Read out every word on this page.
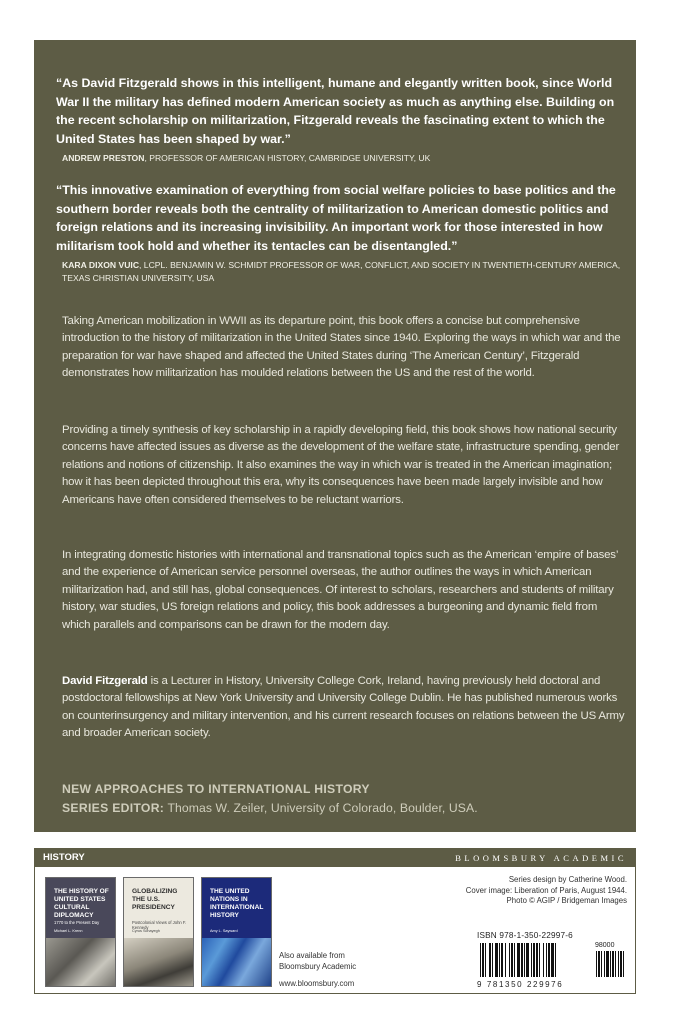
“As David Fitzgerald shows in this intelligent, humane and elegantly written book, since World War II the military has defined modern American society as much as anything else. Building on the recent scholarship on militarization, Fitzgerald reveals the fascinating extent to which the United States has been shaped by war.”
ANDREW PRESTON, PROFESSOR OF AMERICAN HISTORY, CAMBRIDGE UNIVERSITY, UK
“This innovative examination of everything from social welfare policies to base politics and the southern border reveals both the centrality of militarization to American domestic politics and foreign relations and its increasing invisibility. An important work for those interested in how militarism took hold and whether its tentacles can be disentangled.”
KARA DIXON VUIC, LCPL. BENJAMIN W. SCHMIDT PROFESSOR OF WAR, CONFLICT, AND SOCIETY IN TWENTIETH-CENTURY AMERICA, TEXAS CHRISTIAN UNIVERSITY, USA
Taking American mobilization in WWII as its departure point, this book offers a concise but comprehensive introduction to the history of militarization in the United States since 1940. Exploring the ways in which war and the preparation for war have shaped and affected the United States during ‘The American Century’, Fitzgerald demonstrates how militarization has moulded relations between the US and the rest of the world.
Providing a timely synthesis of key scholarship in a rapidly developing field, this book shows how national security concerns have affected issues as diverse as the development of the welfare state, infrastructure spending, gender relations and notions of citizenship. It also examines the way in which war is treated in the American imagination; how it has been depicted throughout this era, why its consequences have been made largely invisible and how Americans have often considered themselves to be reluctant warriors.
In integrating domestic histories with international and transnational topics such as the American ‘empire of bases’ and the experience of American service personnel overseas, the author outlines the ways in which American militarization had, and still has, global consequences. Of interest to scholars, researchers and students of military history, war studies, US foreign relations and policy, this book addresses a burgeoning and dynamic field from which parallels and comparisons can be drawn for the modern day.
David Fitzgerald is a Lecturer in History, University College Cork, Ireland, having previously held doctoral and postdoctoral fellowships at New York University and University College Dublin. He has published numerous works on counterinsurgency and military intervention, and his current research focuses on relations between the US Army and broader American society.
NEW APPROACHES TO INTERNATIONAL HISTORY
SERIES EDITOR: Thomas W. Zeiler, University of Colorado, Boulder, USA.
HISTORY	BLOOMSBURY ACADEMIC
THE HISTORY OF UNITED STATES CULTURAL DIPLOMACY
1770 to the Present Day
Michael L. Krenn
GLOBALIZING THE U.S. PRESIDENCY
Postcolonial Views of John F. Kennedy
Cyrus Schayegh
THE UNITED NATIONS IN INTERNATIONAL HISTORY
Amy L. Sayward
Also available from
Bloomsbury Academic
www.bloomsbury.com
Series design by Catherine Wood.
Cover image: Liberation of Paris, August 1944.
Photo © AGIP / Bridgeman Images
ISBN 978-1-350-22997-6
98000
9 781350 229976
